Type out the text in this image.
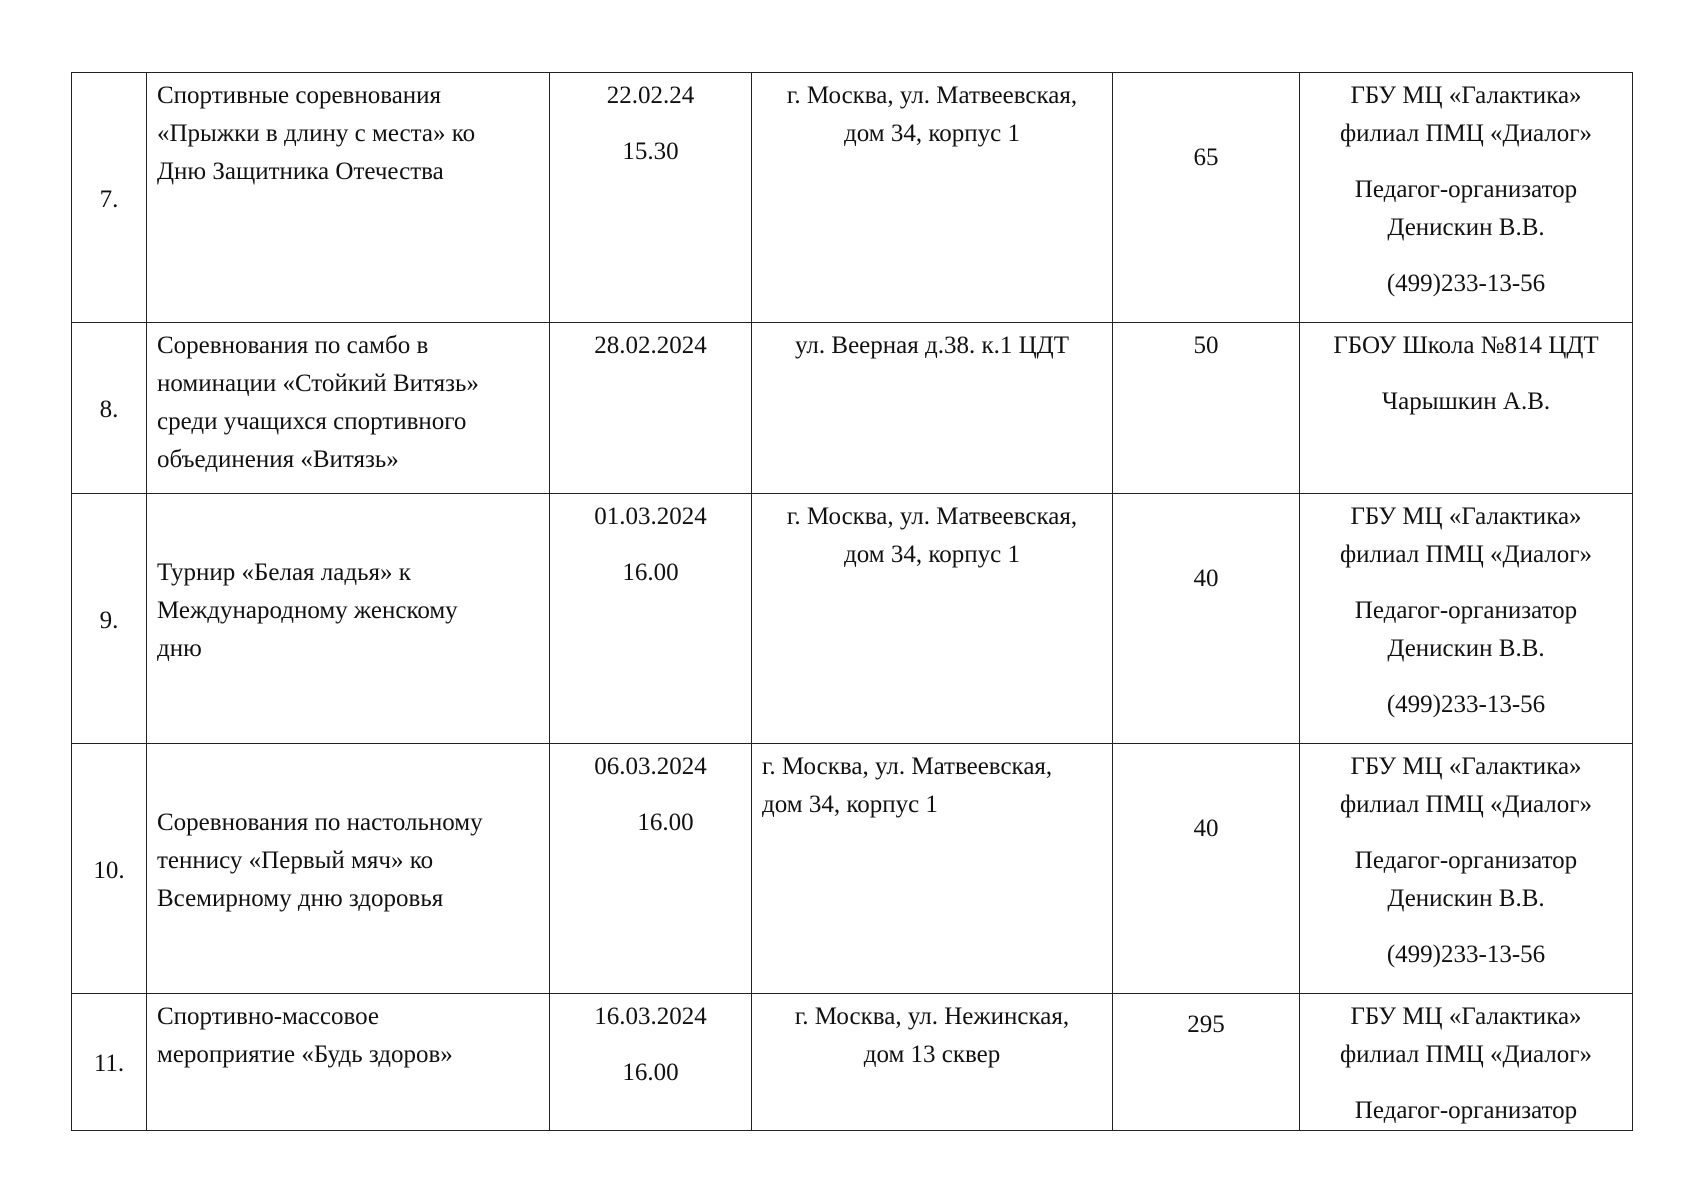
7.	Спортивные соревнования
«Прыжки в длину с места» ко
Дню Защитника Отечества	22.02.24
15.30	г. Москва, ул. Матвеевская,
дом 34, корпус 1	65	ГБУ МЦ «Галактика»
филиал ПМЦ «Диалог»
Педагог-организатор
Денискин В.В.
(499)233-13-56

8.	Соревнования по самбо в
номинации «Стойкий Витязь»
среди учащихся спортивного
объединения «Витязь»	28.02.2024	ул. Веерная д.38. к.1 ЦДТ	50	ГБОУ Школа №814 ЦДТ
Чарышкин А.В.

9.	Турнир «Белая ладья» к
Международному женскому
дню	01.03.2024
16.00	г. Москва, ул. Матвеевская,
дом 34, корпус 1	40	ГБУ МЦ «Галактика»
филиал ПМЦ «Диалог»
Педагог-организатор
Денискин В.В.
(499)233-13-56

10.	Соревнования по настольному
теннису «Первый мяч» ко
Всемирному дню здоровья	06.03.2024
16.00	г. Москва, ул. Матвеевская,
дом 34, корпус 1	40	ГБУ МЦ «Галактика»
филиал ПМЦ «Диалог»
Педагог-организатор
Денискин В.В.
(499)233-13-56

11.	Спортивно-массовое
мероприятие «Будь здоров»	16.03.2024
16.00	г. Москва, ул. Нежинская,
дом 13 сквер	295	ГБУ МЦ «Галактика»
филиал ПМЦ «Диалог»
Педагог-организатор
